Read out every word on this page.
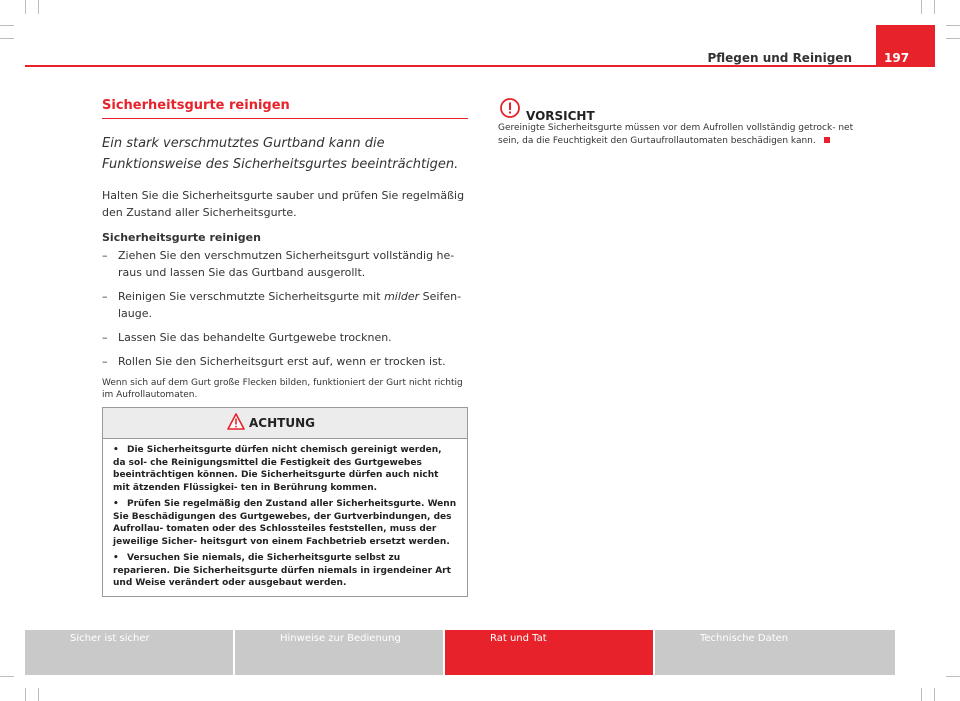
Pflegen und Reinigen	197
Sicherheitsgurte reinigen
Ein stark verschmutztes Gurtband kann die Funktionsweise des Sicherheitsgurtes beeinträchtigen.
Halten Sie die Sicherheitsgurte sauber und prüfen Sie regelmäßig den Zustand aller Sicherheitsgurte.
Sicherheitsgurte reinigen
– Ziehen Sie den verschmutzen Sicherheitsgurt vollständig he- raus und lassen Sie das Gurtband ausgerollt.
– Reinigen Sie verschmutzte Sicherheitsgurte mit milder Seifen- lauge.
– Lassen Sie das behandelte Gurtgewebe trocknen.
– Rollen Sie den Sicherheitsgurt erst auf, wenn er trocken ist.
Wenn sich auf dem Gurt große Flecken bilden, funktioniert der Gurt nicht richtig im Aufrollautomaten.
ACHTUNG
• Die Sicherheitsgurte dürfen nicht chemisch gereinigt werden, da sol- che Reinigungsmittel die Festigkeit des Gurtgewebes beeinträchtigen können. Die Sicherheitsgurte dürfen auch nicht mit ätzenden Flüssigkei- ten in Berührung kommen.
• Prüfen Sie regelmäßig den Zustand aller Sicherheitsgurte. Wenn Sie Beschädigungen des Gurtgewebes, der Gurtverbindungen, des Aufrollau- tomaten oder des Schlossteiles feststellen, muss der jeweilige Sicher- heitsgurt von einem Fachbetrieb ersetzt werden.
• Versuchen Sie niemals, die Sicherheitsgurte selbst zu reparieren. Die Sicherheitsgurte dürfen niemals in irgendeiner Art und Weise verändert oder ausgebaut werden.
VORSICHT
Gereinigte Sicherheitsgurte müssen vor dem Aufrollen vollständig getrock- net sein, da die Feuchtigkeit den Gurtaufrollautomaten beschädigen kann.
Sicher ist sicher	Hinweise zur Bedienung	Rat und Tat	Technische Daten
